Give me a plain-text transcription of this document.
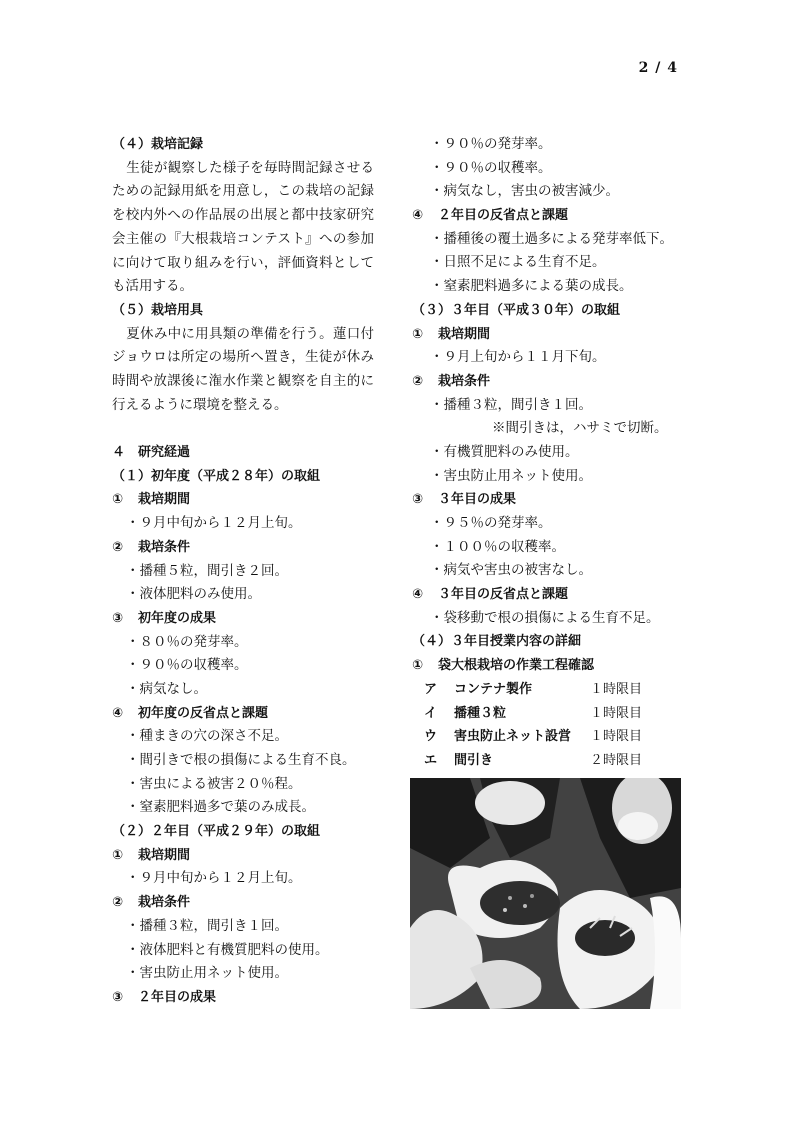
2 / 4
（４）栽培記録
生徒が観察した様子を毎時間記録させるための記録用紙を用意し，この栽培の記録を校内外への作品展の出展と都中技家研究会主催の『大根栽培コンテスト』への参加に向けて取り組みを行い，評価資料としても活用する。
（５）栽培用具
夏休み中に用具類の準備を行う。蓮口付ジョウロは所定の場所へ置き，生徒が休み時間や放課後に潅水作業と観察を自主的に行えるように環境を整える。
４　研究経過
（１）初年度（平成２８年）の取組
① 栽培期間
・９月中旬から１２月上旬。
② 栽培条件
・播種５粒，間引き２回。
・液体肥料のみ使用。
③ 初年度の成果
・８０％の発芽率。
・９０％の収穫率。
・病気なし。
④ 初年度の反省点と課題
・種まきの穴の深さ不足。
・間引きで根の損傷による生育不良。
・害虫による被害２０％程。
・窒素肥料過多で葉のみ成長。
（２）２年目（平成２９年）の取組
① 栽培期間
・９月中旬から１２月上旬。
② 栽培条件
・播種３粒，間引き１回。
・液体肥料と有機質肥料の使用。
・害虫防止用ネット使用。
③ ２年目の成果
・９０％の発芽率。
・９０％の収穫率。
・病気なし，害虫の被害減少。
④ ２年目の反省点と課題
・播種後の覆土過多による発芽率低下。
・日照不足による生育不足。
・窒素肥料過多による葉の成長。
（３）３年目（平成３０年）の取組
① 栽培期間
・９月上旬から１１月下旬。
② 栽培条件
・播種３粒，間引き１回。
※間引きは，ハサミで切断。
・有機質肥料のみ使用。
・害虫防止用ネット使用。
③ ３年目の成果
・９５％の発芽率。
・１００％の収穫率。
・病気や害虫の被害なし。
④ ３年目の反省点と課題
・袋移動で根の損傷による生育不足。
（４）３年目授業内容の詳細
① 袋大根栽培の作業工程確認
ア	コンテナ製作	１時限目
イ	播種３粒	１時限目
ウ	害虫防止ネット設営	１時限目
エ	間引き	２時限目
